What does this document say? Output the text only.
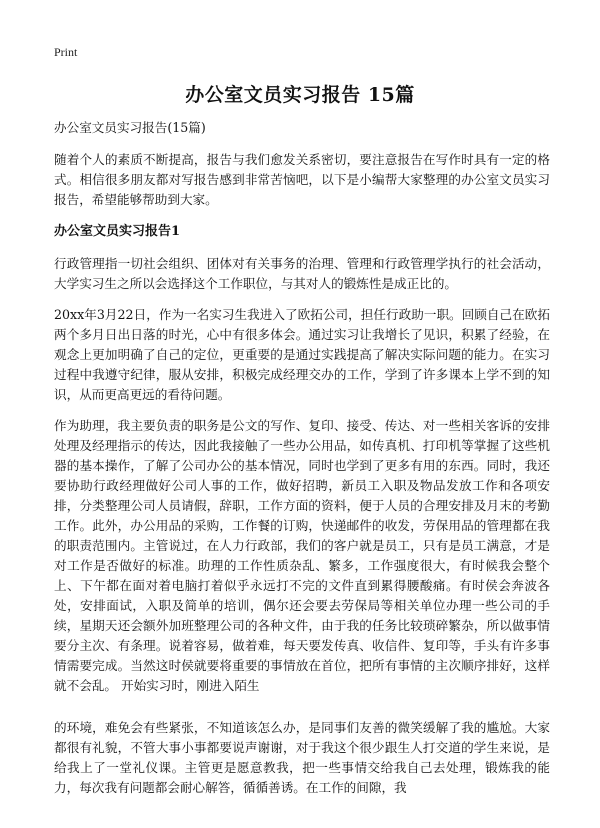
Print
办公室文员实习报告 15篇

办公室文员实习报告(15篇)

随着个人的素质不断提高，报告与我们愈发关系密切，要注意报告在写作时具有一定的格式。相信很多朋友都对写报告感到非常苦恼吧，以下是小编帮大家整理的办公室文员实习报告，希望能够帮助到大家。

办公室文员实习报告1

行政管理指一切社会组织、团体对有关事务的治理、管理和行政管理学执行的社会活动，大学实习生之所以会选择这个工作职位，与其对人的锻炼性是成正比的。

20xx年3月22日，作为一名实习生我进入了欧拓公司，担任行政助一职。回顾自己在欧拓两个多月日出日落的时光，心中有很多体会。通过实习让我增长了见识，积累了经验，在观念上更加明确了自己的定位，更重要的是通过实践提高了解决实际问题的能力。在实习过程中我遵守纪律，服从安排，积极完成经理交办的工作，学到了许多课本上学不到的知识，从而更高更远的看待问题。

作为助理，我主要负责的职务是公文的写作、复印、接受、传达、对一些相关客诉的安排处理及经理指示的传达，因此我接触了一些办公用品，如传真机、打印机等掌握了这些机器的基本操作，了解了公司办公的基本情况，同时也学到了更多有用的东西。同时，我还要协助行政经理做好公司人事的工作，做好招聘，新员工入职及物品发放工作和各项安排，分类整理公司人员请假，辞职，工作方面的资料，便于人员的合理安排及月末的考勤工作。此外，办公用品的采购，工作餐的订购，快递邮件的收发，劳保用品的管理都在我的职责范围内。主管说过，在人力行政部，我们的客户就是员工，只有是员工满意，才是对工作是否做好的标准。助理的工作性质杂乱、繁多，工作强度很大，有时候我会整个上、下午都在面对着电脑打着似乎永远打不完的文件直到累得腰酸痛。有时侯会奔波各处，安排面试，入职及简单的培训，偶尔还会要去劳保局等相关单位办理一些公司的手续，星期天还会额外加班整理公司的各种文件，由于我的任务比较琐碎繁杂，所以做事情要分主次、有条理。说着容易，做着难，每天要发传真、收信件、复印等，手头有许多事情需要完成。当然这时侯就要将重要的事情放在首位，把所有事情的主次顺序排好，这样就不会乱。 开始实习时，刚进入陌生

的环境，难免会有些紧张，不知道该怎么办，是同事们友善的微笑缓解了我的尴尬。大家都很有礼貌，不管大事小事都要说声谢谢，对于我这个很少跟生人打交道的学生来说，是给我上了一堂礼仪课。主管更是愿意教我，把一些事情交给我自己去处理，锻炼我的能力，每次我有问题都会耐心解答，循循善诱。在工作的间隙，我
